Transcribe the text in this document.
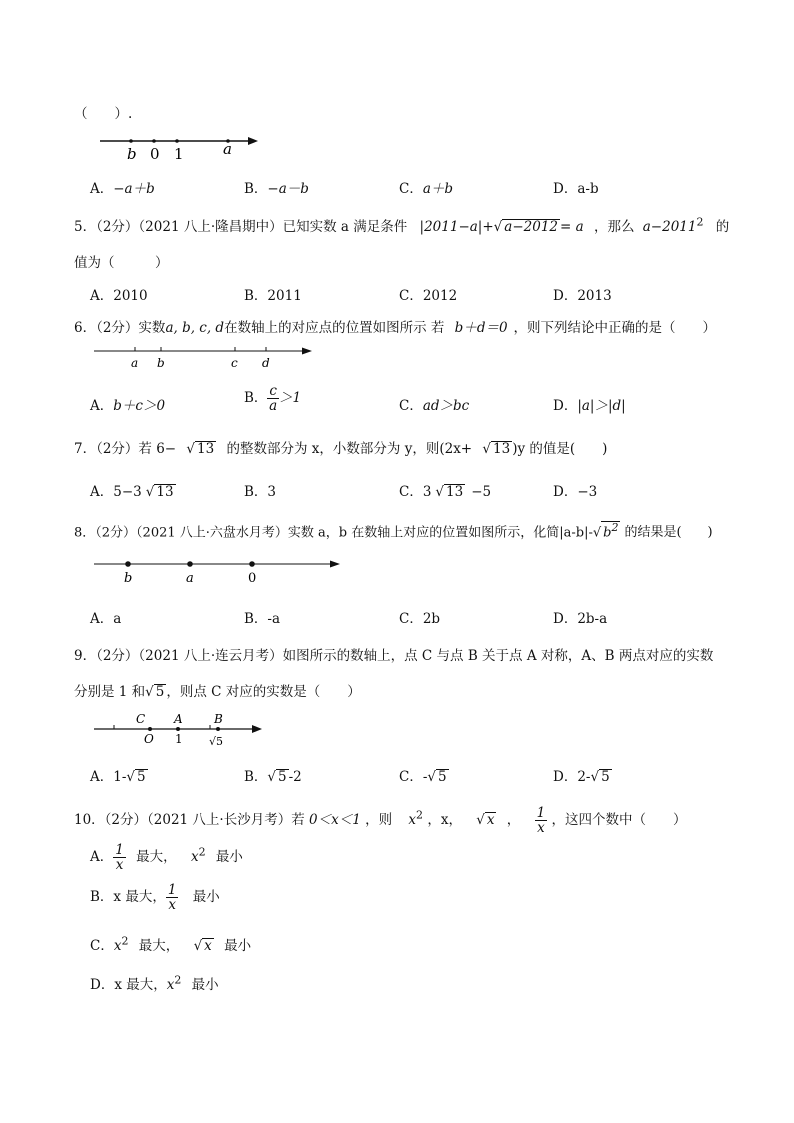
（　　）.
b 0 1	a
A．−a＋b	B．−a－b	C．a＋b	D．a-b
5．（2分）（2021 八上·隆昌期中）已知实数 a 满足条件 |2011−a|+√ a−2012 = a ，那么 $a-2011^2$ 的
值为（　　　）
A．2010	B．2011	C．2012	D．2013
6．（2分）实数a, b, c, d在数轴上的对应点的位置如图所示 若 b＋d＝0 ，则下列结论中正确的是（　　）
a b	c d
A．b＋c＞0	B． $\frac{c}{a} >1$	C．ad＞bc	D．|a|＞|d|
7．（2分）若 6− √ 13 的整数部分为 x，小数部分为 y，则(2x+ √ 13 )y 的值是(　　)
A．5−3 √ 13	B．3	C．3 √ 13 −5	D．−3
8．（2分）（2021 八上·六盘水月考）实数 a，b 在数轴上对应的位置如图所示，化简|a-b|-√ $b^2$ 的结果是(　　)
b	a	0
A．a	B．-a	C．2b	D．2b-a
9．（2分）（2021 八上·连云月考）如图所示的数轴上，点 C 与点 B 关于点 A 对称，A、B 两点对应的实数
分别是 1 和√ 5 ，则点 C 对应的实数是（　　）
C A	B
O 1 √5
A．1-√ 5	B．√ 5 -2	C．-√ 5	D．2-√ 5
10．（2分）（2021 八上·长沙月考）若 0＜x＜1 ，则 $x^2$ ，x， √ x ， $\frac{1}{x}$ ，这四个数中（　　）
A． $\frac{1}{x}$ 最大， $x^2$ 最小
B．x 最大， $\frac{1}{x}$ 最小
C．$x^2$ 最大， √ x 最小
D．x 最大，$x^2$ 最小
